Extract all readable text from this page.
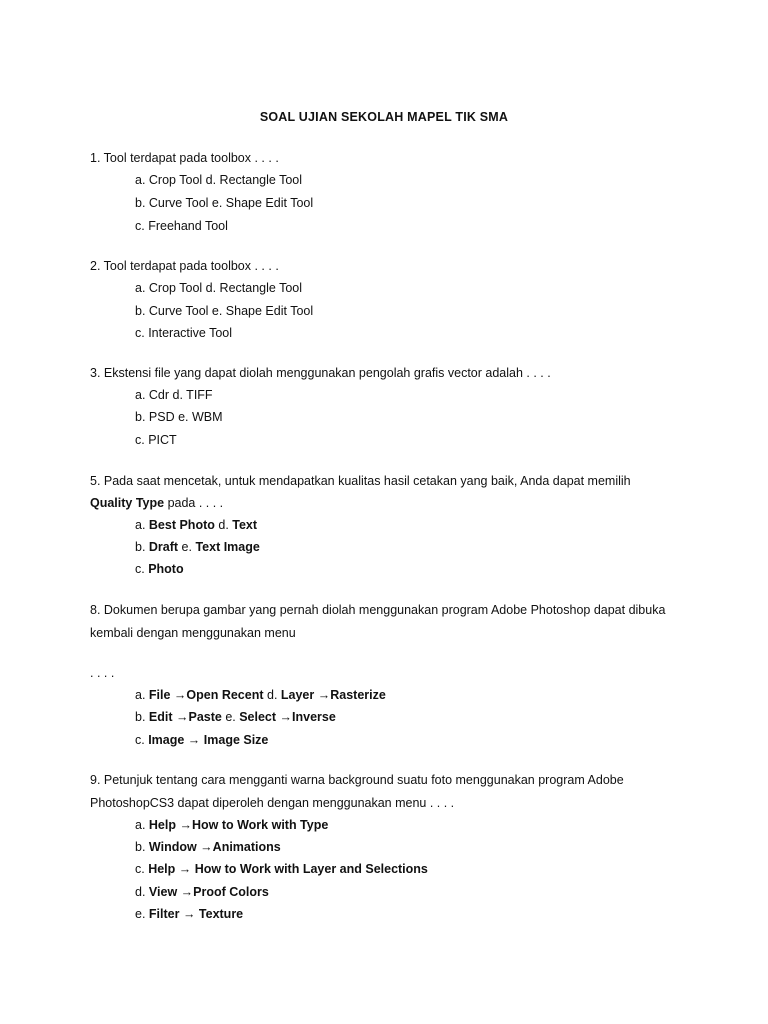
SOAL UJIAN SEKOLAH MAPEL TIK SMA
1. Tool terdapat pada toolbox . . . .
a. Crop Tool d. Rectangle Tool
b. Curve Tool e. Shape Edit Tool
c. Freehand Tool
2. Tool terdapat pada toolbox . . . .
a. Crop Tool d. Rectangle Tool
b. Curve Tool e. Shape Edit Tool
c. Interactive Tool
3. Ekstensi file yang dapat diolah menggunakan pengolah grafis vector adalah . . . .
a. Cdr d. TIFF
b. PSD e. WBM
c. PICT
5. Pada saat mencetak, untuk mendapatkan kualitas hasil cetakan yang baik, Anda dapat memilih
Quality Type pada . . . .
a. Best Photo d. Text
b. Draft e. Text Image
c. Photo
8. Dokumen berupa gambar yang pernah diolah menggunakan program Adobe Photoshop dapat dibuka
kembali dengan menggunakan menu
. . . .
a. File →Open Recent d. Layer →Rasterize
b. Edit →Paste e. Select →Inverse
c. Image → Image Size
9. Petunjuk tentang cara mengganti warna background suatu foto menggunakan program Adobe
PhotoshopCS3 dapat diperoleh dengan menggunakan menu . . . .
a. Help →How to Work with Type
b. Window →Animations
c. Help → How to Work with Layer and Selections
d. View →Proof Colors
e. Filter → Texture
